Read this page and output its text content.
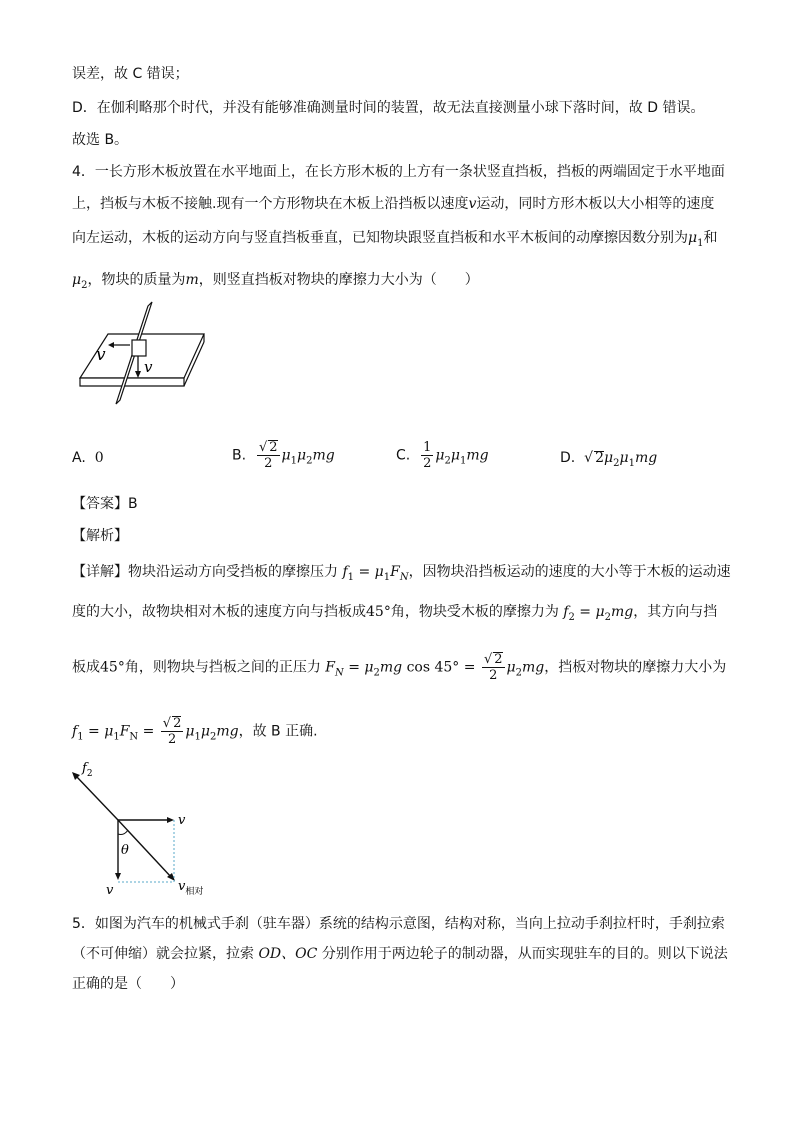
误差，故 C 错误；
D．在伽利略那个时代，并没有能够准确测量时间的装置，故无法直接测量小球下落时间，故 D 错误。
故选 B。
4．一长方形木板放置在水平地面上，在长方形木板的上方有一条状竖直挡板，挡板的两端固定于水平地面
上，挡板与木板不接触.现有一个方形物块在木板上沿挡板以速度v运动，同时方形木板以大小相等的速度
向左运动，木板的运动方向与竖直挡板垂直，已知物块跟竖直挡板和水平木板间的动摩擦因数分别为$\mu_1$和
$\mu_2$，物块的质量为m，则竖直挡板对物块的摩擦力大小为（　　）
v
v
A. 0	B. $\frac{√ 2}{2} \mu_1\mu_2mg$	C. $\frac{1}{2} \mu_2\mu_1mg$	D. √ $2\mu_2\mu_1mg$
【答案】B
【解析】
【详解】物块沿运动方向受挡板的摩擦压力 $f_1 = \mu_1F_N$，因物块沿挡板运动的速度的大小等于木板的运动速
度的大小，故物块相对木板的速度方向与挡板成45°角，物块受木板的摩擦力为 $f_2 = \mu_2mg$，其方向与挡
板成45°角，则物块与挡板之间的正压力 $F_N = \mu_2mg$ $\cos 45^\circ = \frac{√ 2}{2} \mu_2mg$，挡板对物块的摩擦力大小为
$f_1 = \mu_1F_N = \frac{√ 2}{2} \mu_1\mu_2mg$，故 B 正确.
$f_2$
v
v	$v_{相对}$
θ
5．如图为汽车的机械式手刹（驻车器）系统的结构示意图，结构对称，当向上拉动手刹拉杆时，手刹拉索
（不可伸缩）就会拉紧，拉索 OD、OC 分别作用于两边轮子的制动器，从而实现驻车的目的。则以下说法
正确的是（　　）
